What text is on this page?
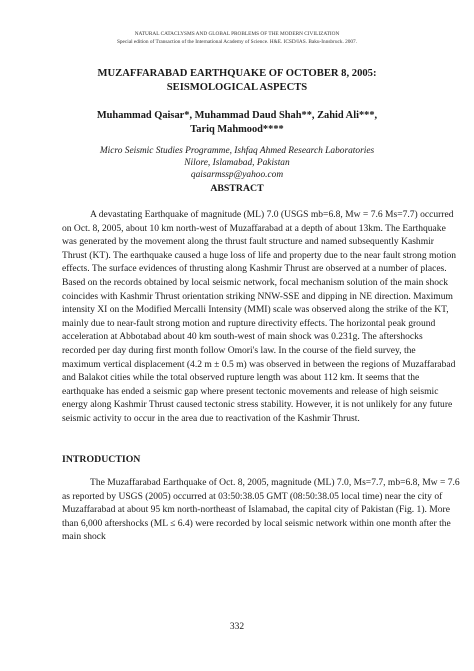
NATURAL CATACLYSMS AND GLOBAL PROBLEMS OF THE MODERN CIVILIZATION
Special edition of Transaction of the International Academy of Science. H&E. ICSD/IAS. Baku-Innsbruck. 2007.
MUZAFFARABAD EARTHQUAKE OF OCTOBER 8, 2005:
SEISMOLOGICAL ASPECTS
Muhammad Qaisar*, Muhammad Daud Shah**, Zahid Ali***,
Tariq Mahmood****
Micro Seismic Studies Programme, Ishfaq Ahmed Research Laboratories
Nilore, Islamabad, Pakistan
qaisarmssp@yahoo.com
ABSTRACT
A devastating Earthquake of magnitude (ML) 7.0 (USGS mb=6.8, Mw = 7.6 Ms=7.7) occurred
on Oct. 8, 2005, about 10 km north-west of Muzaffarabad at a depth of about 13km. The Earthquake
was generated by the movement along the thrust fault structure and named subsequently Kashmir
Thrust (KT). The earthquake caused a huge loss of life and property due to the near fault strong motion
effects. The surface evidences of thrusting along Kashmir Thrust are observed at a number of places.
Based on the records obtained by local seismic network, focal mechanism solution of the main shock
coincides with Kashmir Thrust orientation striking NNW-SSE and dipping in NE direction. Maximum
intensity XI on the Modified Mercalli Intensity (MMI) scale was observed along the strike of the KT,
mainly due to near-fault strong motion and rupture directivity effects. The horizontal peak ground
acceleration at Abbotabad about 40 km south-west of main shock was 0.231g. The aftershocks
recorded per day during first month follow Omori's law. In the course of the field survey, the
maximum vertical displacement (4.2 m ± 0.5 m) was observed in between the regions of Muzaffarabad
and Balakot cities while the total observed rupture length was about 112 km. It seems that the
earthquake has ended a seismic gap where present tectonic movements and release of high seismic
energy along Kashmir Thrust caused tectonic stress stability. However, it is not unlikely for any future
seismic activity to occur in the area due to reactivation of the Kashmir Thrust.
INTRODUCTION
The Muzaffarabad Earthquake of Oct. 8, 2005, magnitude (ML) 7.0, Ms=7.7, mb=6.8, Mw = 7.6
as reported by USGS (2005) occurred at 03:50:38.05 GMT (08:50:38.05 local time) near the city of
Muzaffarabad at about 95 km north-northeast of Islamabad, the capital city of Pakistan (Fig. 1). More
than 6,000 aftershocks (ML ≤ 6.4) were recorded by local seismic network within one month after the
main shock
332
